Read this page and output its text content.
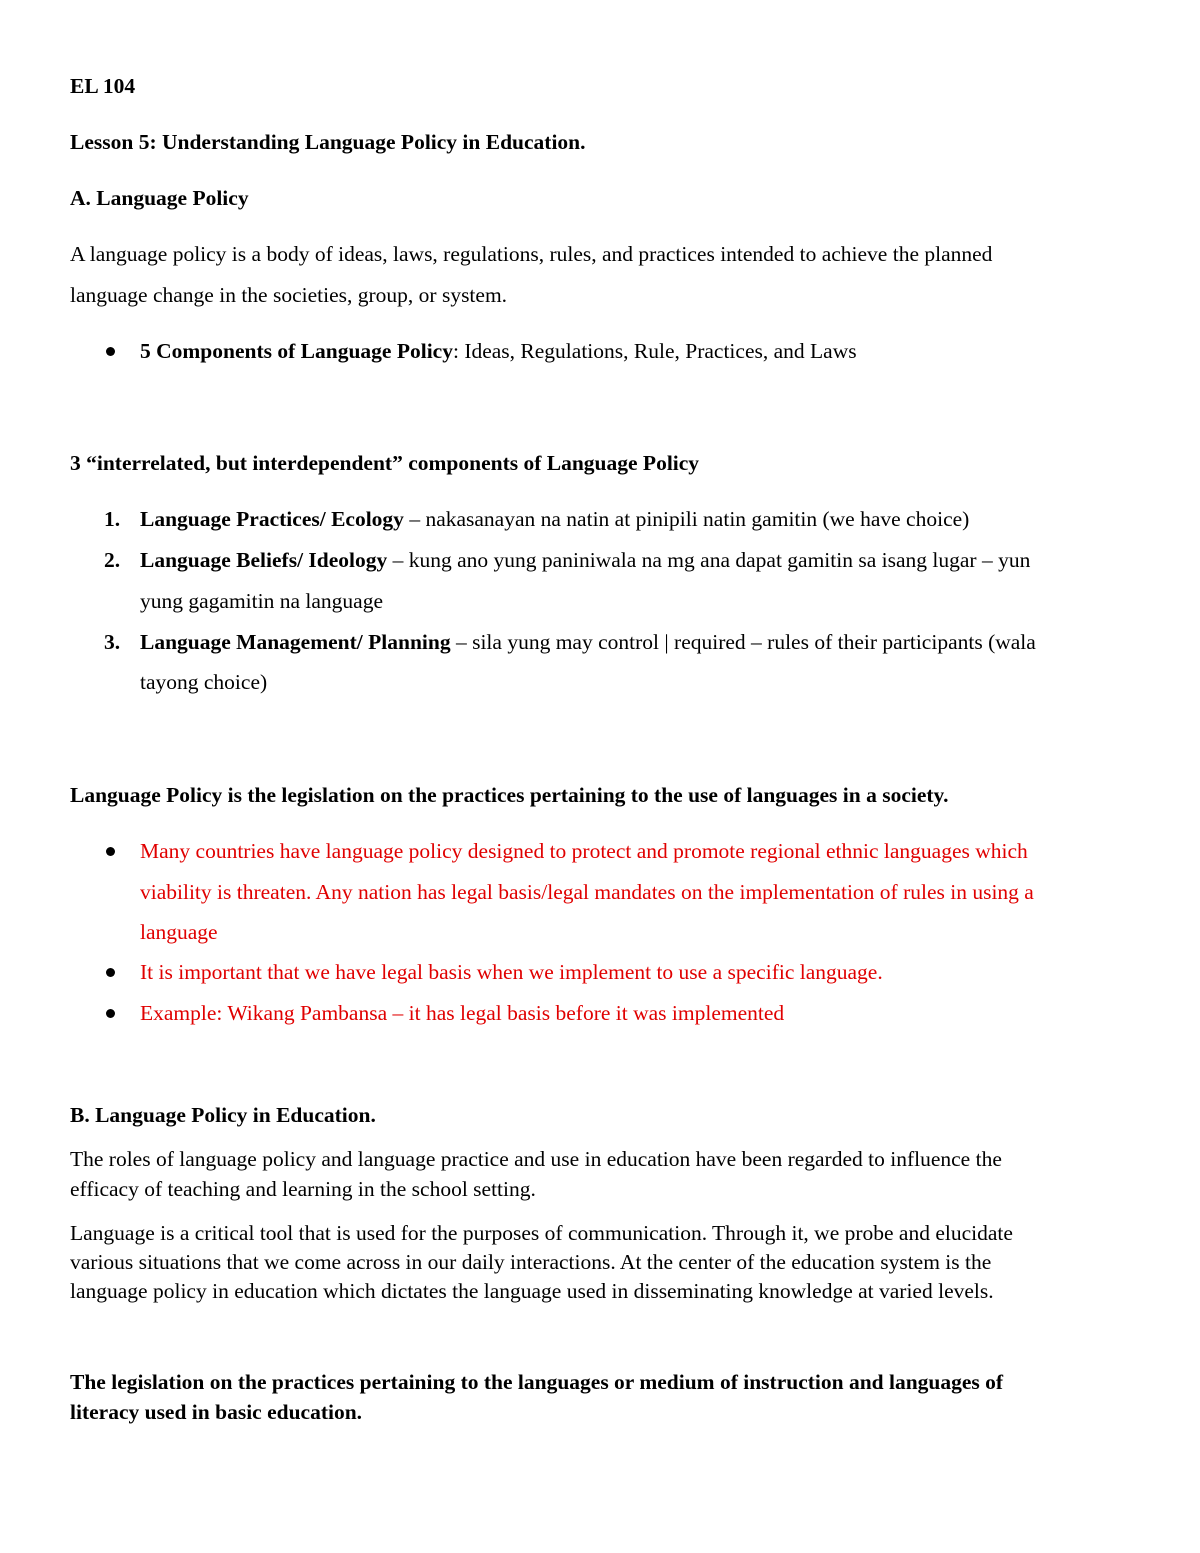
EL 104
Lesson 5: Understanding Language Policy in Education.
A. Language Policy
A language policy is a body of ideas, laws, regulations, rules, and practices intended to achieve the planned
language change in the societies, group, or system.
5 Components of Language Policy: Ideas, Regulations, Rule, Practices, and Laws
3 “interrelated, but interdependent” components of Language Policy
1. Language Practices/ Ecology – nakasanayan na natin at pinipili natin gamitin (we have choice)
2. Language Beliefs/ Ideology – kung ano yung paniniwala na mg ana dapat gamitin sa isang lugar – yun
yung gagamitin na language
3. Language Management/ Planning – sila yung may control | required – rules of their participants (wala
tayong choice)
Language Policy is the legislation on the practices pertaining to the use of languages in a society.
Many countries have language policy designed to protect and promote regional ethnic languages which
viability is threaten. Any nation has legal basis/legal mandates on the implementation of rules in using a
language
It is important that we have legal basis when we implement to use a specific language.
Example: Wikang Pambansa – it has legal basis before it was implemented
B. Language Policy in Education.
The roles of language policy and language practice and use in education have been regarded to influence the
efficacy of teaching and learning in the school setting.
Language is a critical tool that is used for the purposes of communication. Through it, we probe and elucidate
various situations that we come across in our daily interactions. At the center of the education system is the
language policy in education which dictates the language used in disseminating knowledge at varied levels.
The legislation on the practices pertaining to the languages or medium of instruction and languages of
literacy used in basic education.
